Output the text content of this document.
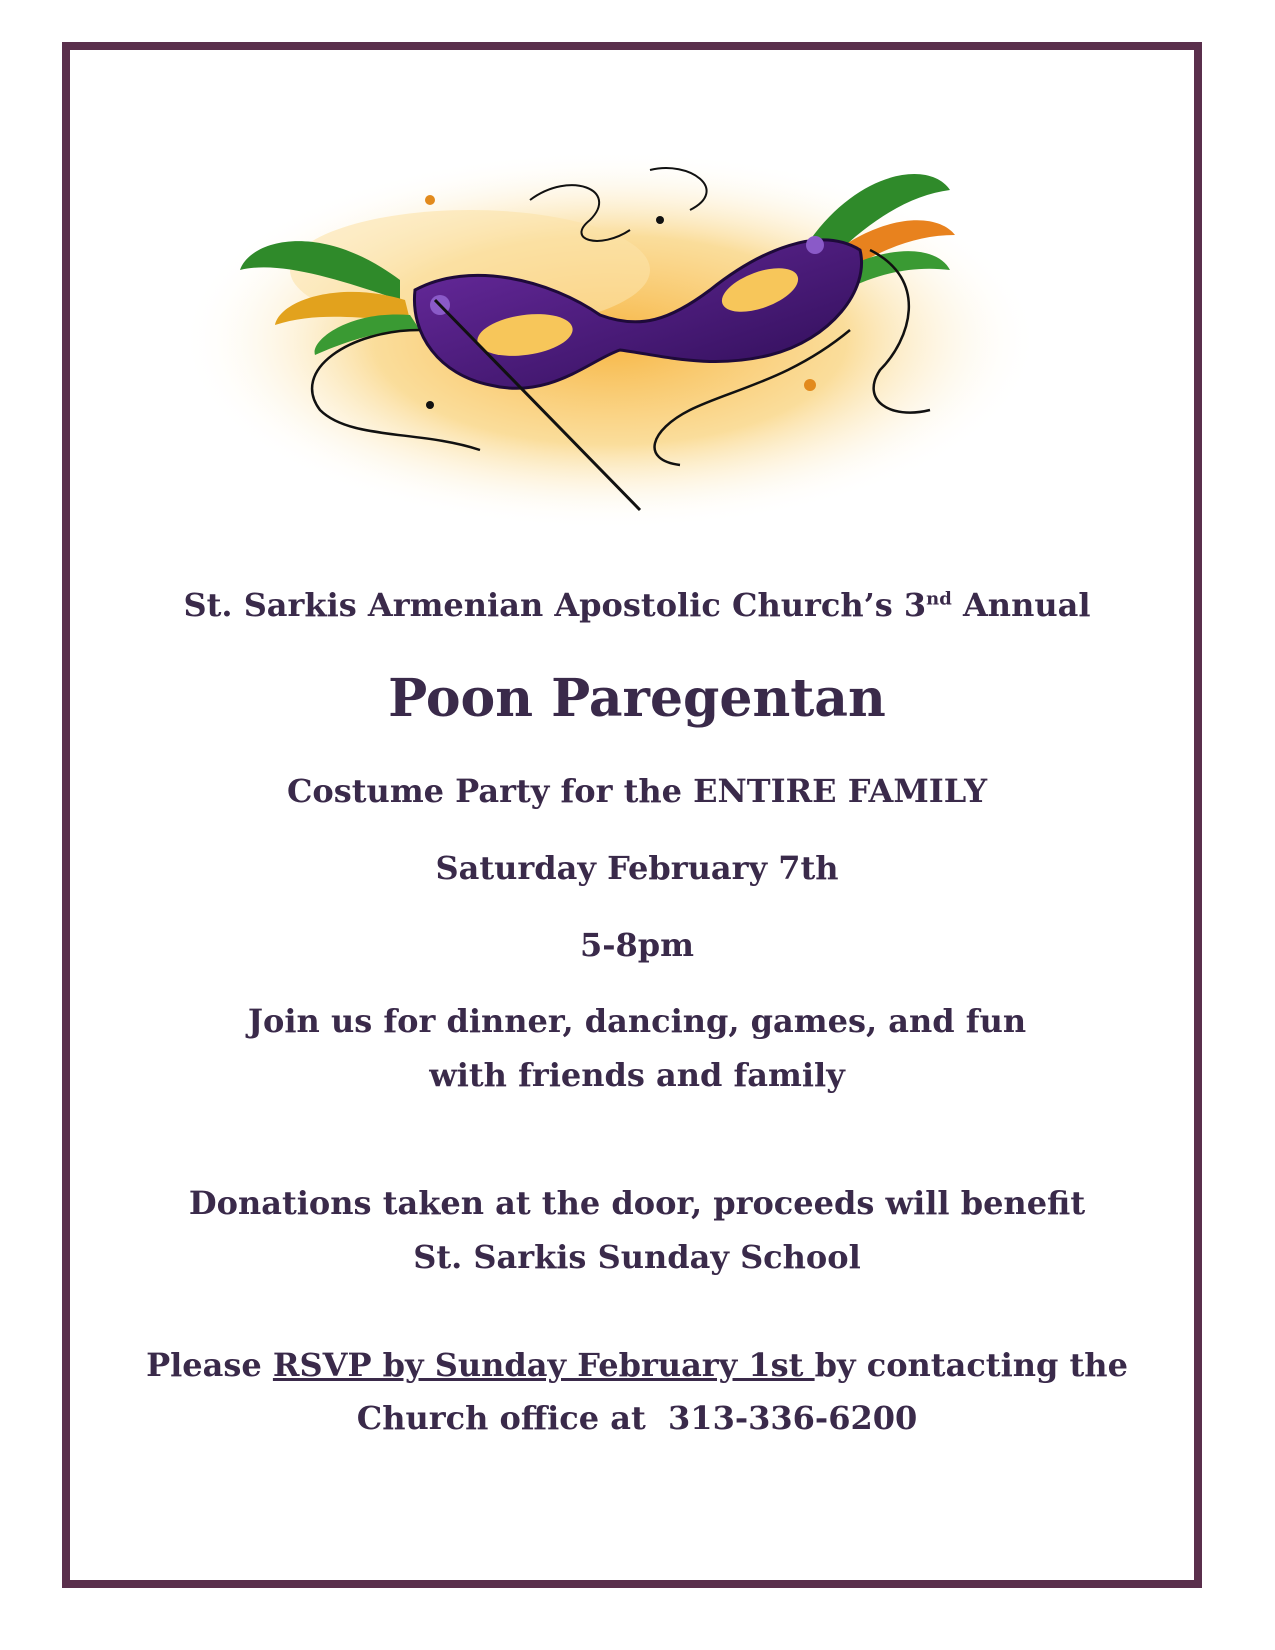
St. Sarkis Armenian Apostolic Church’s 3nd Annual
Poon Paregentan
Costume Party for the ENTIRE FAMILY
Saturday February 7th
5-8pm
Join us for dinner, dancing, games, and fun
with friends and family
Donations taken at the door, proceeds will benefit
St. Sarkis Sunday School
Please RSVP by Sunday February 1st by contacting the
Church office at  313-336-6200
